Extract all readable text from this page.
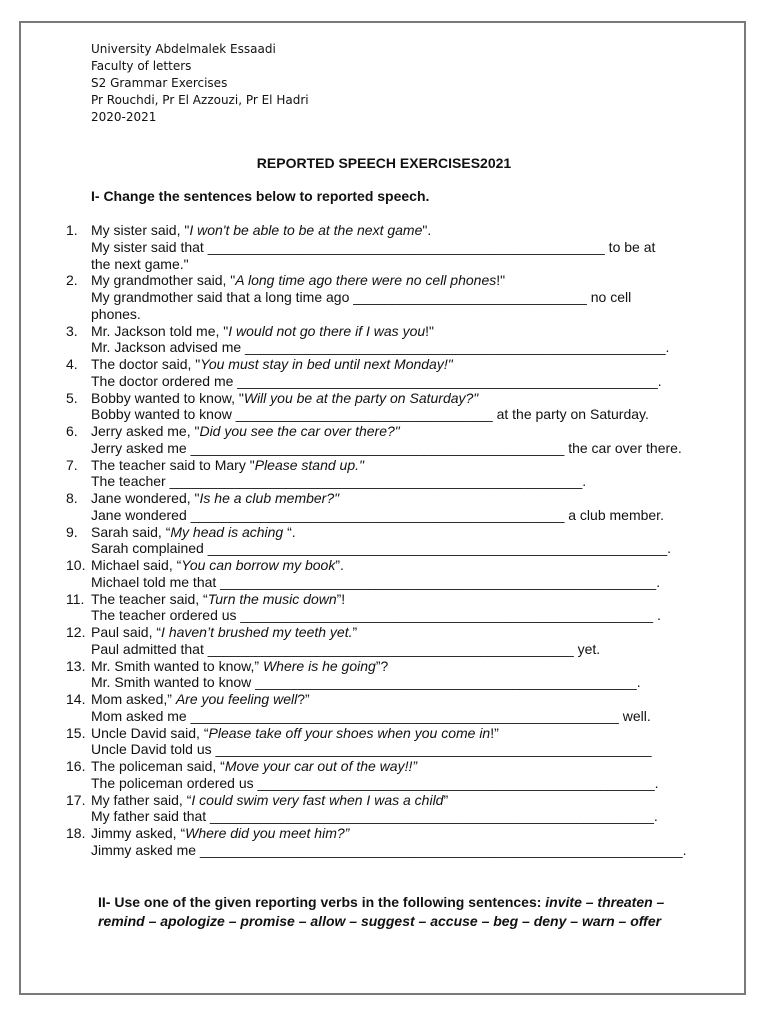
University Abdelmalek Essaadi
Faculty of letters
S2 Grammar Exercises
Pr Rouchdi, Pr El Azzouzi, Pr El Hadri
2020-2021
REPORTED SPEECH EXERCISES2021
I- Change the sentences below to reported speech.
1. My sister said, "I won't be able to be at the next game".
My sister said that ___________________________________________________ to be at
the next game."
2. My grandmother said, "A long time ago there were no cell phones!"
My grandmother said that a long time ago ______________________________ no cell
phones.
3. Mr. Jackson told me, "I would not go there if I was you!"
Mr. Jackson advised me ______________________________________________________.
4. The doctor said, "You must stay in bed until next Monday!"
The doctor ordered me ______________________________________________________.
5. Bobby wanted to know, "Will you be at the party on Saturday?"
Bobby wanted to know _________________________________ at the party on Saturday.
6. Jerry asked me, "Did you see the car over there?"
Jerry asked me ________________________________________________ the car over there.
7. The teacher said to Mary "Please stand up."
The teacher _____________________________________________________.
8. Jane wondered, "Is he a club member?"
Jane wondered ________________________________________________ a club member.
9. Sarah said, “My head is aching “.
Sarah complained ___________________________________________________________.
10. Michael said, “You can borrow my book”.
Michael told me that ________________________________________________________.
11. The teacher said, “Turn the music down”!
The teacher ordered us _____________________________________________________ .
12. Paul said, “I haven’t brushed my teeth yet.”
Paul admitted that _______________________________________________ yet.
13. Mr. Smith wanted to know,” Where is he going”?
Mr. Smith wanted to know _________________________________________________.
14. Mom asked,” Are you feeling well?”
Mom asked me _______________________________________________________ well.
15. Uncle David said, “Please take off your shoes when you come in!”
Uncle David told us ________________________________________________________
16. The policeman said, “Move your car out of the way!!”
The policeman ordered us ___________________________________________________.
17. My father said, “I could swim very fast when I was a child”
My father said that _________________________________________________________.
18. Jimmy asked, “Where did you meet him?”
Jimmy asked me ______________________________________________________________.
II- Use one of the given reporting verbs in the following sentences: invite – threaten –
remind – apologize – promise – allow – suggest – accuse – beg – deny – warn – offer
